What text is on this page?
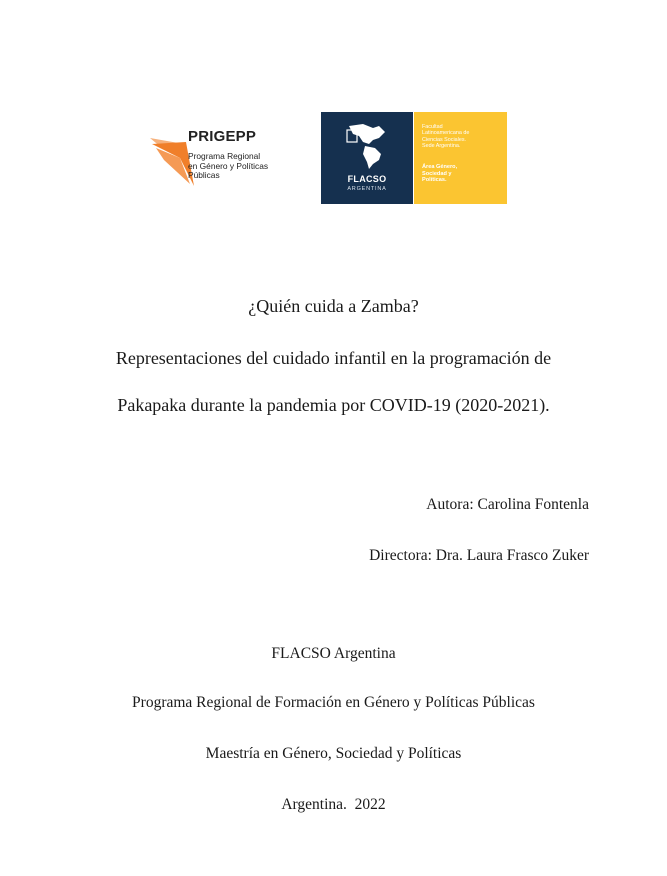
PRIGEPP
Programa Regional
en Género y Políticas
Públicas	FLACSO
ARGENTINA
Facultad
Latinoamericana de
Ciencias Sociales.
Sede Argentina.
Área Género,
Sociedad y
Políticas.
¿Quién cuida a Zamba?
Representaciones del cuidado infantil en la programación de
Pakapaka durante la pandemia por COVID-19 (2020-2021).
Autora: Carolina Fontenla
Directora: Dra. Laura Frasco Zuker
FLACSO Argentina
Programa Regional de Formación en Género y Políticas Públicas
Maestría en Género, Sociedad y Políticas
Argentina.  2022
